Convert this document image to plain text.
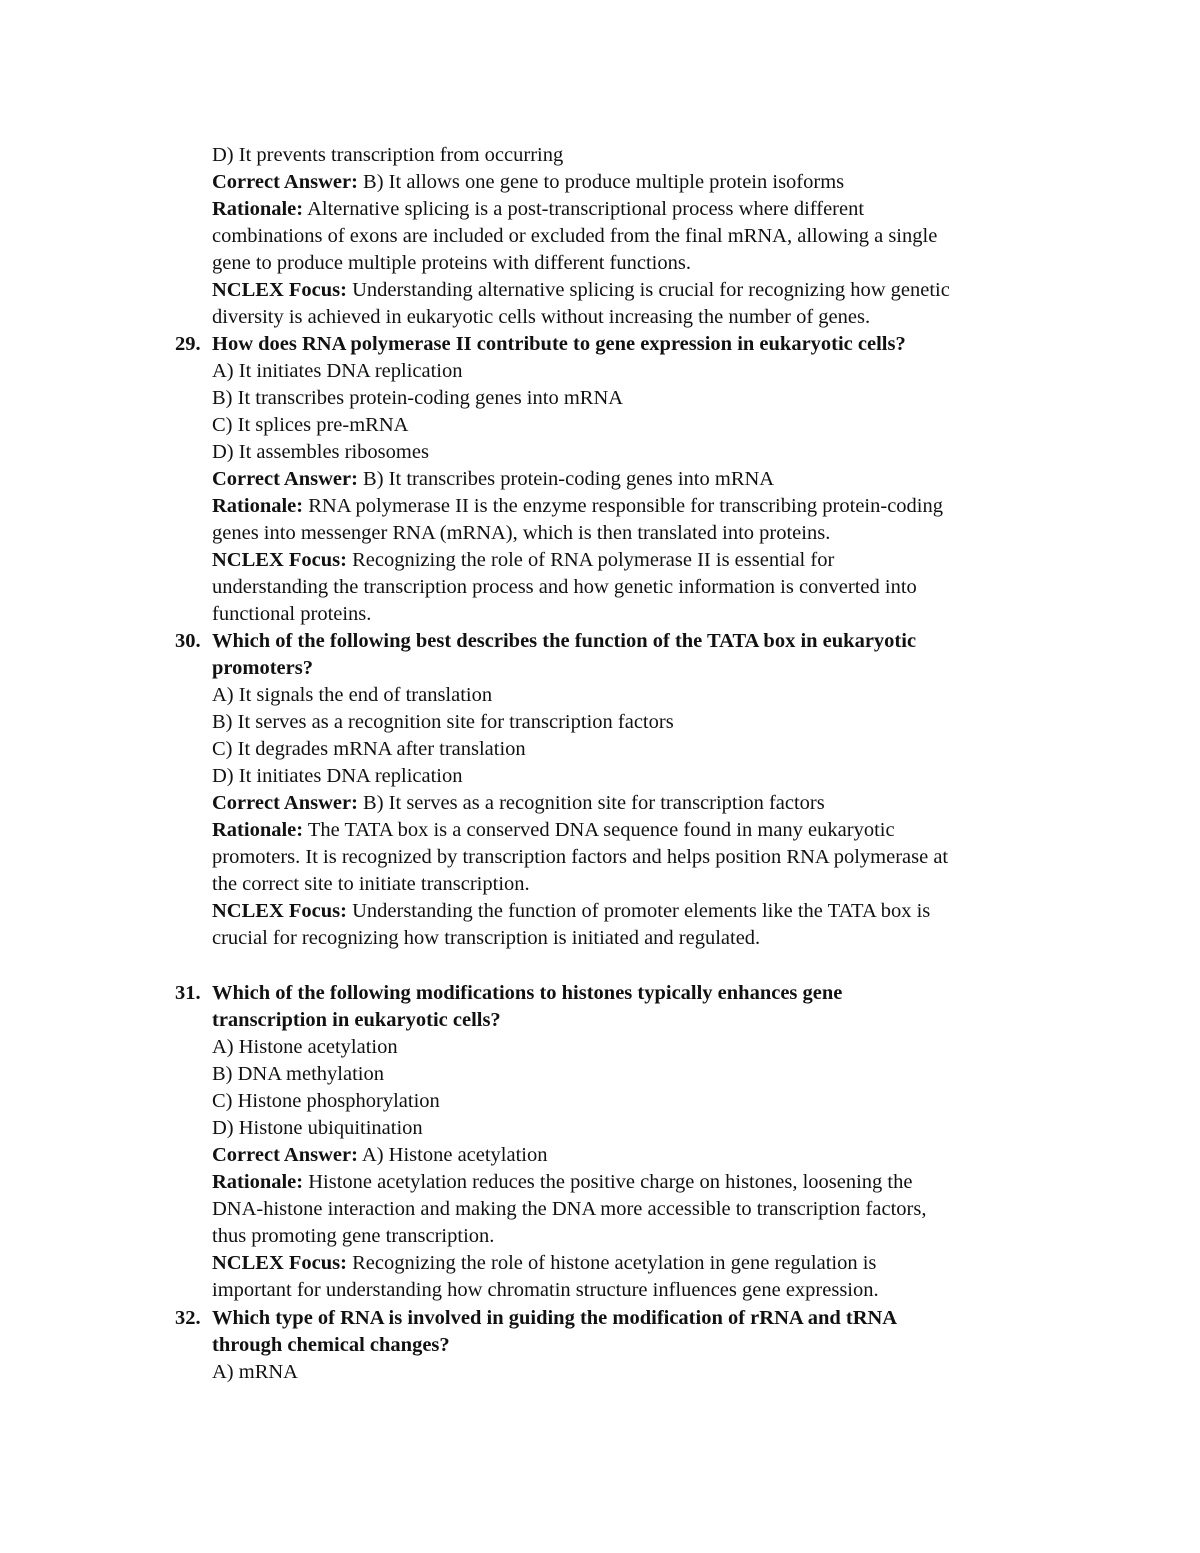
D) It prevents transcription from occurring
Correct Answer: B) It allows one gene to produce multiple protein isoforms
Rationale: Alternative splicing is a post-transcriptional process where different
combinations of exons are included or excluded from the final mRNA, allowing a single
gene to produce multiple proteins with different functions.
NCLEX Focus: Understanding alternative splicing is crucial for recognizing how genetic
diversity is achieved in eukaryotic cells without increasing the number of genes.
29. How does RNA polymerase II contribute to gene expression in eukaryotic cells?
A) It initiates DNA replication
B) It transcribes protein-coding genes into mRNA
C) It splices pre-mRNA
D) It assembles ribosomes
Correct Answer: B) It transcribes protein-coding genes into mRNA
Rationale: RNA polymerase II is the enzyme responsible for transcribing protein-coding
genes into messenger RNA (mRNA), which is then translated into proteins.
NCLEX Focus: Recognizing the role of RNA polymerase II is essential for
understanding the transcription process and how genetic information is converted into
functional proteins.
30. Which of the following best describes the function of the TATA box in eukaryotic
promoters?
A) It signals the end of translation
B) It serves as a recognition site for transcription factors
C) It degrades mRNA after translation
D) It initiates DNA replication
Correct Answer: B) It serves as a recognition site for transcription factors
Rationale: The TATA box is a conserved DNA sequence found in many eukaryotic
promoters. It is recognized by transcription factors and helps position RNA polymerase at
the correct site to initiate transcription.
NCLEX Focus: Understanding the function of promoter elements like the TATA box is
crucial for recognizing how transcription is initiated and regulated.
31. Which of the following modifications to histones typically enhances gene
transcription in eukaryotic cells?
A) Histone acetylation
B) DNA methylation
C) Histone phosphorylation
D) Histone ubiquitination
Correct Answer: A) Histone acetylation
Rationale: Histone acetylation reduces the positive charge on histones, loosening the
DNA-histone interaction and making the DNA more accessible to transcription factors,
thus promoting gene transcription.
NCLEX Focus: Recognizing the role of histone acetylation in gene regulation is
important for understanding how chromatin structure influences gene expression.
32. Which type of RNA is involved in guiding the modification of rRNA and tRNA
through chemical changes?
A) mRNA
